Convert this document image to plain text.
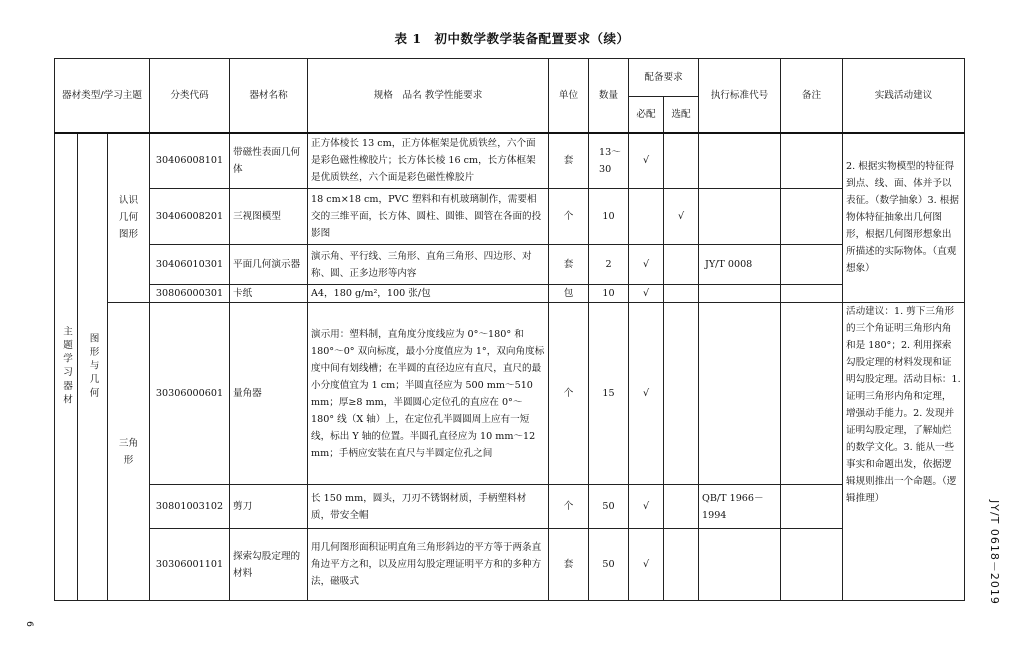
表 1　初中数学教学装备配置要求（续）
器材类型/学习主题			分类代码	器材名称	规格　品名 教学性能要求	单位	数量	配备要求		执行标准代号	备注	实践活动建议
								必配	选配			
主题学习器材	图形与几何	认识几何图形	30406008101	带磁性表面几何体	正方体棱长 13 cm，正方体框架是优质铁丝，六个面是彩色磁性橡胶片；长方体长棱 16 cm，长方体框架是优质铁丝，六个面是彩色磁性橡胶片	套	13～30	√				2. 根据实物模型的特征得到点、线、面、体并予以表征。（数学抽象）3. 根据物体特征抽象出几何图形，根据几何图形想象出所描述的实际物体。（直观想象）
			30406008201	三视图模型	18 cm×18 cm，PVC 塑料和有机玻璃制作，需要相交的三维平面，长方体、圆柱、圆锥、圆管在各面的投影图	个	10		√			
			30406010301	平面几何演示器	演示角、平行线、三角形、直角三角形、四边形、对称、圆、正多边形等内容	套	2	√		JY/T 0008		
			30806000301	卡纸	A4，180 g/m²，100 张/包	包	10	√				
		三角形	30306000601	量角器	演示用：塑料制，直角度分度线应为 0°～180° 和 180°～0° 双向标度，最小分度值应为 1°，双向角度标度中间有划线槽；在半圆的直径边应有直尺，直尺的最小分度值宜为 1 cm；半圆直径应为 500 mm～510 mm；厚≥8 mm，半圆圆心定位孔的直应在 0°～180° 线（X 轴）上，在定位孔半圆圆周上应有一短线，标出 Y 轴的位置。半圆孔直径应为 10 mm～12 mm；手柄应安装在直尺与半圆定位孔之间	个	15	√				活动建议：1. 剪下三角形的三个角证明三角形内角和是 180°；2. 利用探索勾股定理的材料发现和证明勾股定理。活动目标：1. 证明三角形内角和定理，增强动手能力。2. 发现并证明勾股定理，了解灿烂的数学文化。3. 能从一些事实和命题出发，依据逻辑规则推出一个命题。（逻辑推理）
			30801003102	剪刀	长 150 mm，圆头，刀刃不锈钢材质，手柄塑料材质，带安全帽	个	50	√		QB/T 1966－1994		
			30306001101	探索勾股定理的材料	用几何图形面积证明直角三角形斜边的平方等于两条直角边平方之和，以及应用勾股定理证明平方和的多种方法，磁吸式	套	50	√					JY/T 0618－2019
6
